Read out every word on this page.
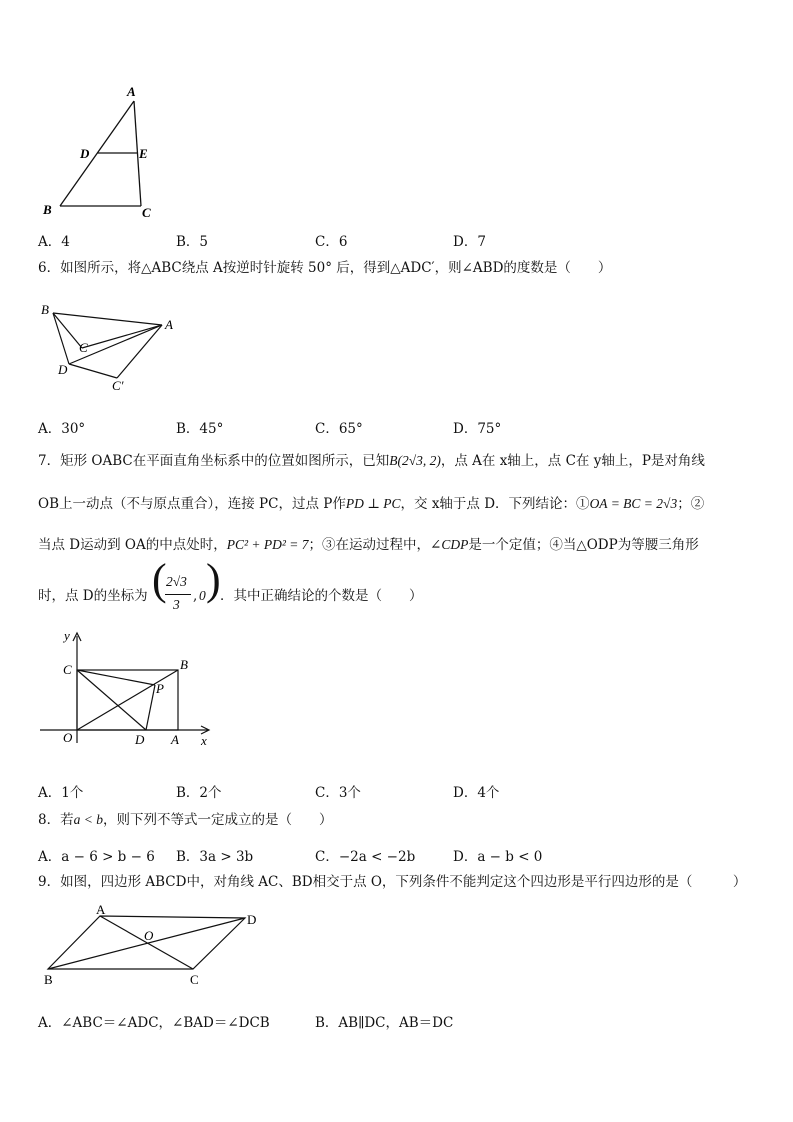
A
D	E
B	C
A．4	B．5	C．6	D．7
6．如图所示，将△ABC绕点 A按逆时针旋转 50° 后，得到△ADC′，则∠ABD的度数是（　　）
B
A
C
D
C′
A．30°	B．45°	C．65°	D．75°
7．矩形 OABC在平面直角坐标系中的位置如图所示，已知B(2√3, 2)，点 A在 x轴上，点 C在 y轴上，P是对角线
OB上一动点（不与原点重合），连接 PC，过点 P作PD ⊥ PC，交 x轴于点 D．下列结论：①OA = BC = 2√3；②
当点 D运动到 OA的中点处时，PC² + PD² = 7；③在运动过程中，∠CDP是一个定值；④当△ODP为等腰三角形
时，点 D的坐标为 ( 2√3
3
, 0 ) ．其中正确结论的个数是（　　）
y
x
C	B
P
O	D A
A．1个	B．2个	C．3个	D．4个
8．若a < b，则下列不等式一定成立的是（　　）
A．a − 6 > b − 6 B．3a > 3b	C．−2a < −2b	D．a − b < 0
9．如图，四边形 ABCD中，对角线 AC、BD相交于点 O，下列条件不能判定这个四边形是平行四边形的是（　　　）
A
O
D
B	C
A．∠ABC＝∠ADC，∠BAD＝∠DCB	B．AB∥DC，AB＝DC
